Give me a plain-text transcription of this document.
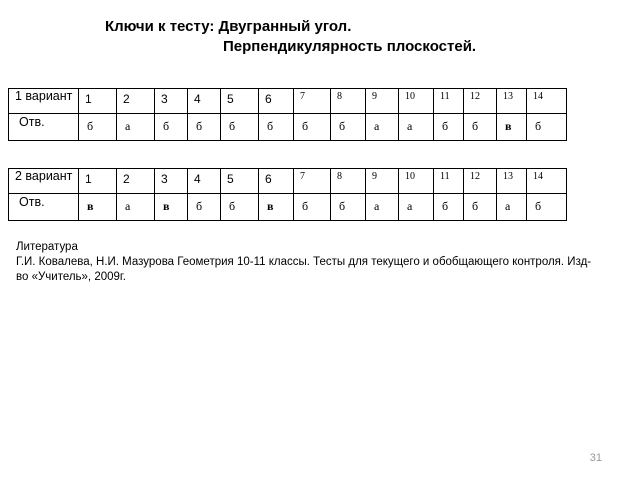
Ключи к тесту: Двугранный угол.
Перпендикулярность плоскостей.
1 вариант	1	2	3	4	5	6	7	8	9	10	11	12	13	14
Отв.	б	а	б	б	б	б	б	б	а	а	б	б	в	б
2 вариант	1	2	3	4	5	6	7	8	9	10	11	12	13	14
Отв.	в	а	в	б	б	в	б	б	а	а	б	б	а	б
Литература
Г.И. Ковалева, Н.И. Мазурова Геометрия 10-11 классы. Тесты для текущего и обобщающего контроля. Изд-во «Учитель», 2009г.
31
